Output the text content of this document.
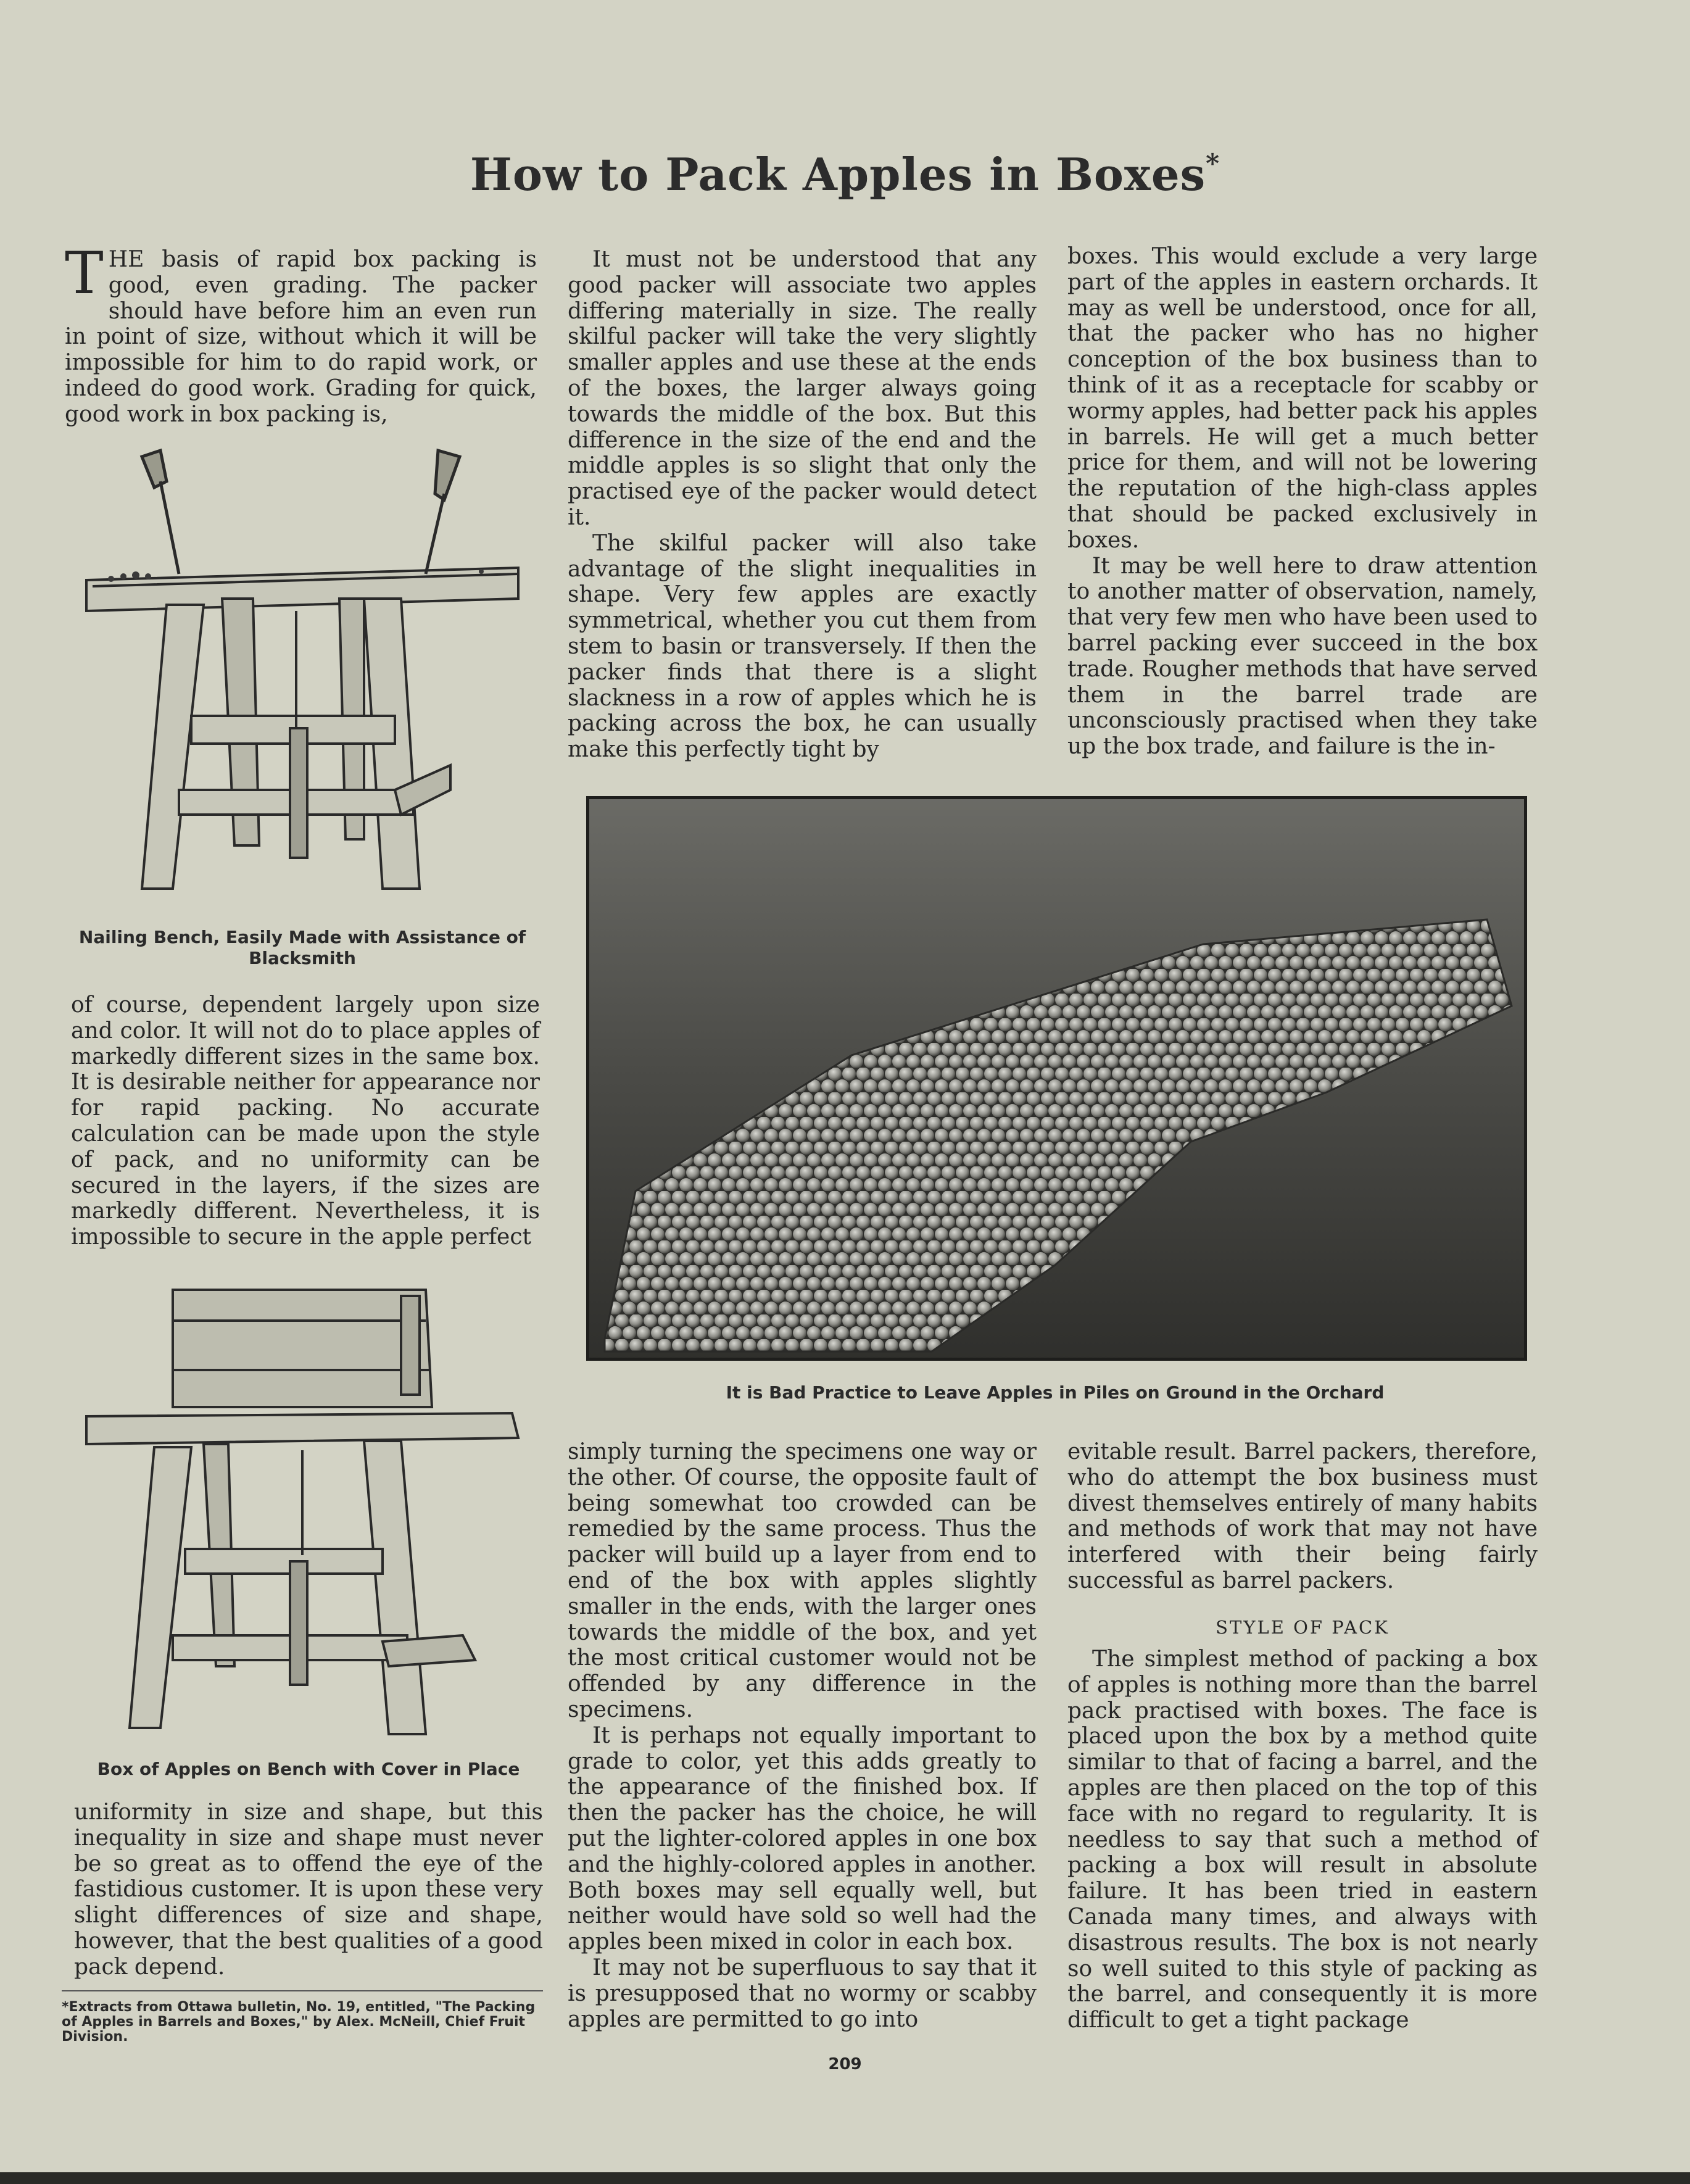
How to Pack Apples in Boxes*
T HE basis of rapid box packing is good, even grading. The packer should have before him an even run in point of size, without which it will be impossible for him to do rapid work, or indeed do good work. Grading for quick, good work in box packing is,

Nailing Bench, Easily Made with Assistance of Blacksmith

of course, dependent largely upon size and color. It will not do to place apples of markedly different sizes in the same box. It is desirable neither for appearance nor for rapid packing. No accurate calculation can be made upon the style of pack, and no uniformity can be secured in the layers, if the sizes are markedly different. Nevertheless, it is impossible to secure in the apple perfect

Box of Apples on Bench with Cover in Place

uniformity in size and shape, but this inequality in size and shape must never be so great as to offend the eye of the fastidious customer. It is upon these very slight differences of size and shape, however, that the best qualities of a good pack depend.

*Extracts from Ottawa bulletin, No. 19, entitled, "The Packing of Apples in Barrels and Boxes," by Alex. McNeill, Chief Fruit Division.

It must not be understood that any good packer will associate two apples differing materially in size. The really skilful packer will take the very slightly smaller apples and use these at the ends of the boxes, the larger always going towards the middle of the box. But this difference in the size of the end and the middle apples is so slight that only the practised eye of the packer would detect it.

The skilful packer will also take advantage of the slight inequalities in shape. Very few apples are exactly symmetrical, whether you cut them from stem to basin or transversely. If then the packer finds that there is a slight slackness in a row of apples which he is packing across the box, he can usually make this perfectly tight by

boxes. This would exclude a very large part of the apples in eastern orchards. It may as well be understood, once for all, that the packer who has no higher conception of the box business than to think of it as a receptacle for scabby or wormy apples, had better pack his apples in barrels. He will get a much better price for them, and will not be lowering the reputation of the high-class apples that should be packed exclusively in boxes.

It may be well here to draw attention to another matter of observation, namely, that very few men who have been used to barrel packing ever succeed in the box trade. Rougher methods that have served them in the barrel trade are unconsciously practised when they take up the box trade, and failure is the in-

It is Bad Practice to Leave Apples in Piles on Ground in the Orchard

simply turning the specimens one way or the other. Of course, the opposite fault of being somewhat too crowded can be remedied by the same process. Thus the packer will build up a layer from end to end of the box with apples slightly smaller in the ends, with the larger ones towards the middle of the box, and yet the most critical customer would not be offended by any difference in the specimens.

It is perhaps not equally important to grade to color, yet this adds greatly to the appearance of the finished box. If then the packer has the choice, he will put the lighter-colored apples in one box and the highly-colored apples in another. Both boxes may sell equally well, but neither would have sold so well had the apples been mixed in color in each box.

It may not be superfluous to say that it is presupposed that no wormy or scabby apples are permitted to go into

evitable result. Barrel packers, therefore, who do attempt the box business must divest themselves entirely of many habits and methods of work that may not have interfered with their being fairly successful as barrel packers.

STYLE OF PACK

The simplest method of packing a box of apples is nothing more than the barrel pack practised with boxes. The face is placed upon the box by a method quite similar to that of facing a barrel, and the apples are then placed on the top of this face with no regard to regularity. It is needless to say that such a method of packing a box will result in absolute failure. It has been tried in eastern Canada many times, and always with disastrous results. The box is not nearly so well suited to this style of packing as the barrel, and consequently it is more difficult to get a tight package

209
